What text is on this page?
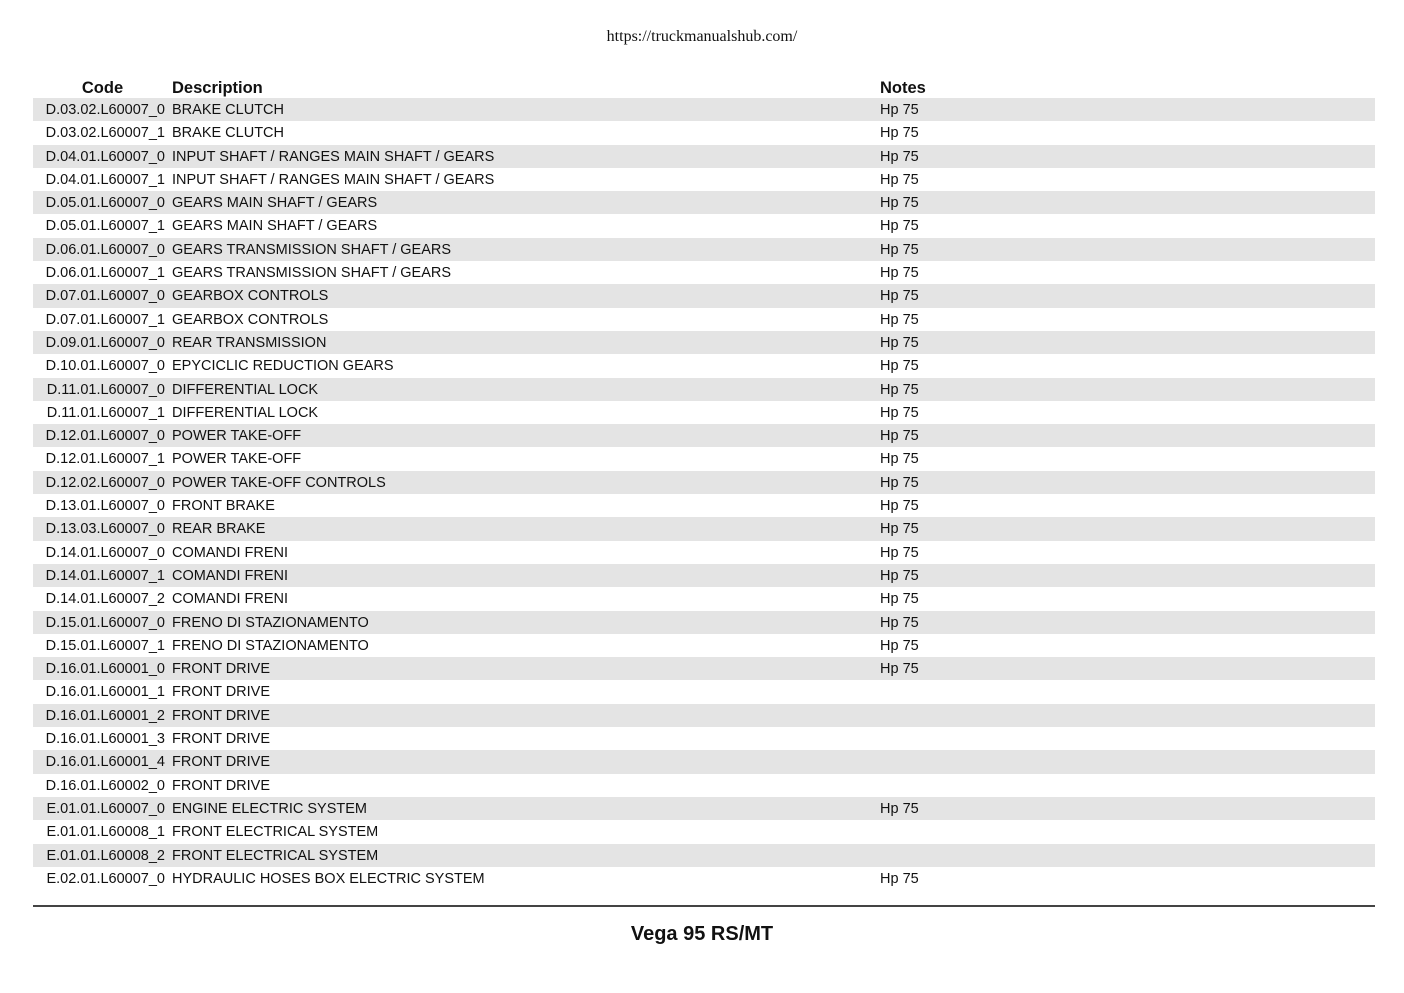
https://truckmanualshub.com/
Code	Description	Notes
D.03.02.L60007_0 BRAKE CLUTCH	Hp 75
D.03.02.L60007_1 BRAKE CLUTCH	Hp 75
D.04.01.L60007_0 INPUT SHAFT / RANGES MAIN SHAFT / GEARS	Hp 75
D.04.01.L60007_1 INPUT SHAFT / RANGES MAIN SHAFT / GEARS	Hp 75
D.05.01.L60007_0 GEARS MAIN SHAFT / GEARS	Hp 75
D.05.01.L60007_1 GEARS MAIN SHAFT / GEARS	Hp 75
D.06.01.L60007_0 GEARS TRANSMISSION SHAFT / GEARS	Hp 75
D.06.01.L60007_1 GEARS TRANSMISSION SHAFT / GEARS	Hp 75
D.07.01.L60007_0 GEARBOX CONTROLS	Hp 75
D.07.01.L60007_1 GEARBOX CONTROLS	Hp 75
D.09.01.L60007_0 REAR TRANSMISSION	Hp 75
D.10.01.L60007_0 EPYCICLIC REDUCTION GEARS	Hp 75
D.11.01.L60007_0 DIFFERENTIAL LOCK	Hp 75
D.11.01.L60007_1 DIFFERENTIAL LOCK	Hp 75
D.12.01.L60007_0 POWER TAKE-OFF	Hp 75
D.12.01.L60007_1 POWER TAKE-OFF	Hp 75
D.12.02.L60007_0 POWER TAKE-OFF CONTROLS	Hp 75
D.13.01.L60007_0 FRONT BRAKE	Hp 75
D.13.03.L60007_0 REAR BRAKE	Hp 75
D.14.01.L60007_0 COMANDI FRENI	Hp 75
D.14.01.L60007_1 COMANDI FRENI	Hp 75
D.14.01.L60007_2 COMANDI FRENI	Hp 75
D.15.01.L60007_0 FRENO DI STAZIONAMENTO	Hp 75
D.15.01.L60007_1 FRENO DI STAZIONAMENTO	Hp 75
D.16.01.L60001_0 FRONT DRIVE	Hp 75
D.16.01.L60001_1 FRONT DRIVE
D.16.01.L60001_2 FRONT DRIVE
D.16.01.L60001_3 FRONT DRIVE
D.16.01.L60001_4 FRONT DRIVE
D.16.01.L60002_0 FRONT DRIVE
E.01.01.L60007_0 ENGINE ELECTRIC SYSTEM	Hp 75
E.01.01.L60008_1 FRONT ELECTRICAL SYSTEM
E.01.01.L60008_2 FRONT ELECTRICAL SYSTEM
E.02.01.L60007_0 HYDRAULIC HOSES BOX ELECTRIC SYSTEM	Hp 75
Vega 95 RS/MT
